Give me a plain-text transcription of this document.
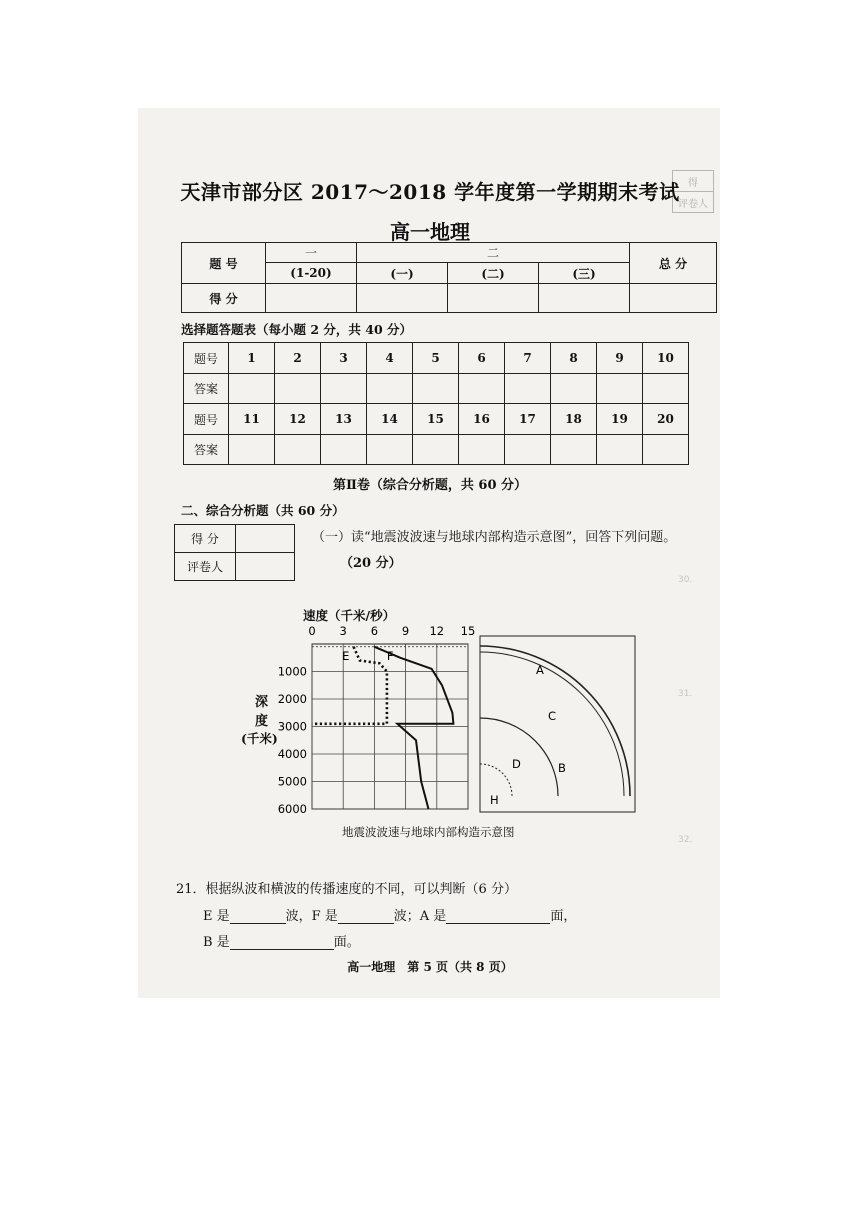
得
评卷人
30．
31．
32．
天津市部分区 2017～2018 学年度第一学期期末考试
高一地理
题 号	一	二			总 分
	(1-20)	(一)	(二)	(三)	
得 分					
选择题答题表（每小题 2 分，共 40 分）
题号	1	2	3	4	5	6	7	8	9	10
答案										
题号	11	12	13	14	15	16	17	18	19	20
答案										
第Ⅱ卷（综合分析题，共 60 分）
二、综合分析题（共 60 分）
得 分	
评卷人	
（一）读“地震波波速与地球内部构造示意图”，回答下列问题。
（20 分）
速度（千米/秒）
深
度
(千米)
0 3 6 9 12 15
1000
2000
3000
4000
5000
6000
E	F
A
C
D	B
H
地震波波速与地球内部构造示意图
21．根据纵波和横波的传播速度的不同，可以判断（6 分）
E 是	波，F 是	波；A 是	面，
B 是	面。
高一地理　第 5 页（共 8 页）
